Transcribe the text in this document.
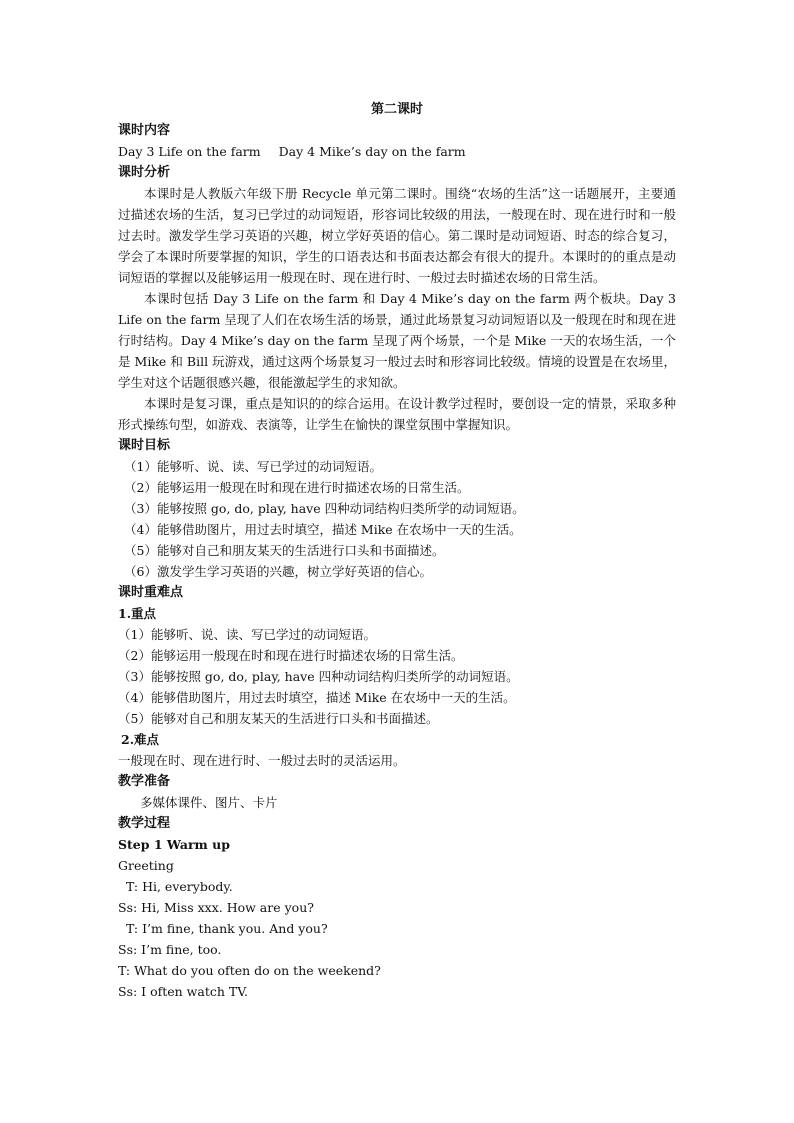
第二课时
课时内容
Day 3 Life on the farm Day 4 Mike’s day on the farm
课时分析
本课时是人教版六年级下册 Recycle 单元第二课时。围绕“农场的生活”这一话题展开，主要通过描述农场的生活，复习已学过的动词短语，形容词比较级的用法，一般现在时、现在进行时和一般过去时。激发学生学习英语的兴趣，树立学好英语的信心。第二课时是动词短语、时态的综合复习，学会了本课时所要掌握的知识，学生的口语表达和书面表达都会有很大的提升。本课时的的重点是动词短语的掌握以及能够运用一般现在时、现在进行时、一般过去时描述农场的日常生活。
本课时包括 Day 3 Life on the farm 和 Day 4 Mike’s day on the farm 两个板块。Day 3 Life on the farm 呈现了人们在农场生活的场景，通过此场景复习动词短语以及一般现在时和现在进行时结构。Day 4 Mike’s day on the farm 呈现了两个场景，一个是 Mike 一天的农场生活，一个是 Mike 和 Bill 玩游戏，通过这两个场景复习一般过去时和形容词比较级。情境的设置是在农场里，学生对这个话题很感兴趣，很能激起学生的求知欲。
本课时是复习课，重点是知识的的综合运用。在设计教学过程时，要创设一定的情景，采取多种形式操练句型，如游戏、表演等，让学生在愉快的课堂氛围中掌握知识。
课时目标
（1）能够听、说、读、写已学过的动词短语。
（2）能够运用一般现在时和现在进行时描述农场的日常生活。
（3）能够按照 go, do, play, have 四种动词结构归类所学的动词短语。
（4）能够借助图片，用过去时填空，描述 Mike 在农场中一天的生活。
（5）能够对自己和朋友某天的生活进行口头和书面描述。
（6）激发学生学习英语的兴趣，树立学好英语的信心。
课时重难点
1.重点
（1）能够听、说、读、写已学过的动词短语。
（2）能够运用一般现在时和现在进行时描述农场的日常生活。
（3）能够按照 go, do, play, have 四种动词结构归类所学的动词短语。
（4）能够借助图片，用过去时填空，描述 Mike 在农场中一天的生活。
（5）能够对自己和朋友某天的生活进行口头和书面描述。
2.难点
一般现在时、现在进行时、一般过去时的灵活运用。
教学准备
多媒体课件、图片、卡片
教学过程
Step 1 Warm up
Greeting
T: Hi, everybody.
Ss: Hi, Miss xxx. How are you?
T: I’m fine, thank you. And you?
Ss: I’m fine, too.
T: What do you often do on the weekend?
Ss: I often watch TV.
